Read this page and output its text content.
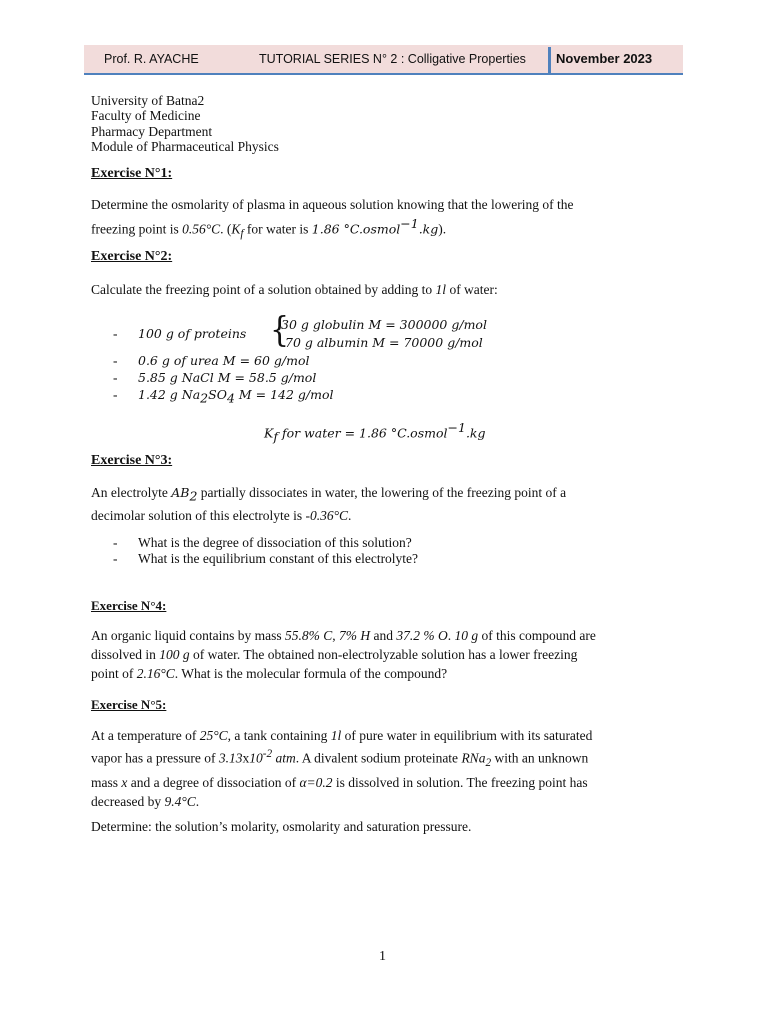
Prof. R. AYACHE	TUTORIAL SERIES N° 2 : Colligative Properties November 2023
University of Batna2
Faculty of Medicine
Pharmacy Department
Module of Pharmaceutical Physics
Exercise N°1:
Determine the osmolarity of plasma in aqueous solution knowing that the lowering of the
freezing point is 0.56°C. ($K_f$ for water is 1.86 °C.osmol$^{-1}$.kg).
Exercise N°2:
Calculate the freezing point of a solution obtained by adding to 1l of water:
- 100 g of proteins {
30 g globulin M = 300000 g/mol
70 g albumin M = 70000 g/mol
- 0.6 g of urea M = 60 g/mol
- 5.85 g NaCl M = 58.5 g/mol
- 1.42 g $Na_2SO_4$ M = 142 g/mol
$K_f$ for water = 1.86 °C.osmol$^{-1}$.kg
Exercise N°3:
An electrolyte $AB_2$ partially dissociates in water, the lowering of the freezing point of a
decimolar solution of this electrolyte is -0.36°C.
- What is the degree of dissociation of this solution?
- What is the equilibrium constant of this electrolyte?
Exercise N°4:
An organic liquid contains by mass 55.8% C, 7% H and 37.2 % O. 10 g of this compound are
dissolved in 100 g of water. The obtained non-electrolyzable solution has a lower freezing
point of 2.16°C. What is the molecular formula of the compound?
Exercise N°5:
At a temperature of 25°C, a tank containing 1l of pure water in equilibrium with its saturated
vapor has a pressure of $3.13x10^{-2}$ atm. A divalent sodium proteinate RNa$_2$ with an unknown
mass x and a degree of dissociation of α=0.2 is dissolved in solution. The freezing point has
decreased by 9.4°C.
Determine: the solution’s molarity, osmolarity and saturation pressure.
1
